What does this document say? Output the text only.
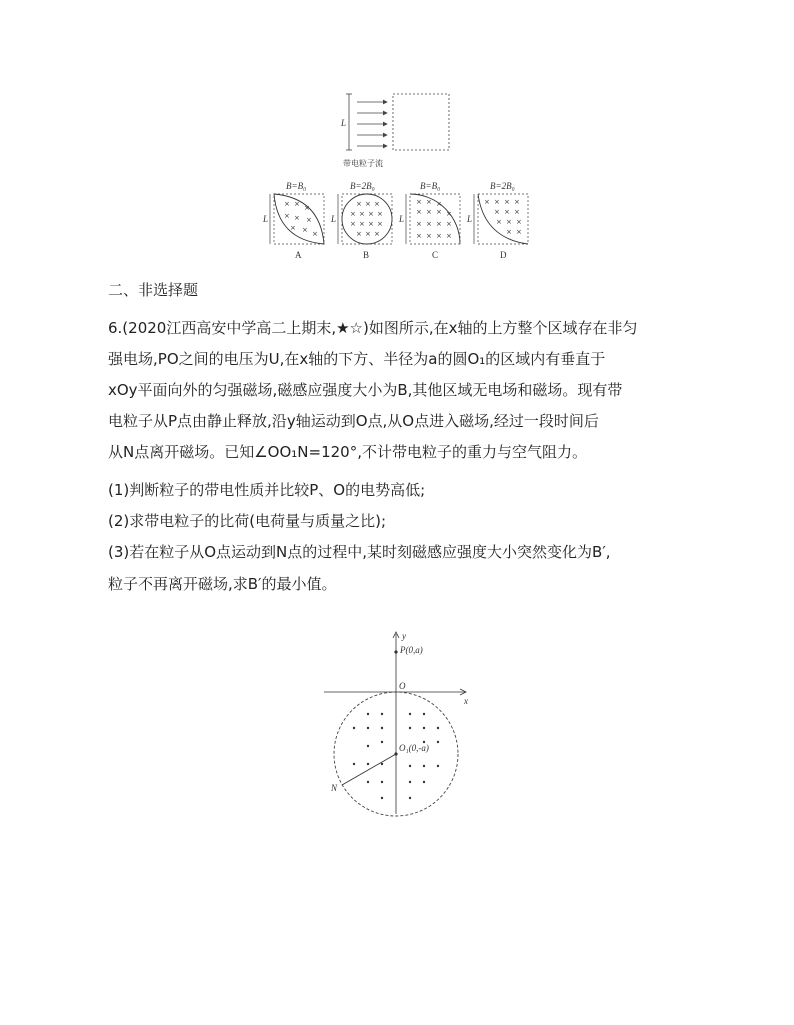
L
带电粒子流
B=B₀
L
× × ×
× × ×
× × ×
A
B=2B₀
L
× × ×
× × × ×
× × × ×
× × ×
B
B=B₀
L
× × ×
× × × ×
× × × ×
× × × ×
C
B=2B₀
L
× × × ×
× × ×
× × ×
× ×
D
二、非选择题
6.(2020江西高安中学高二上期末,★☆)如图所示,在x轴的上方整个区域存在非匀
强电场,PO之间的电压为U,在x轴的下方、半径为a的圆O₁的区域内有垂直于
xOy平面向外的匀强磁场,磁感应强度大小为B,其他区域无电场和磁场。现有带
电粒子从P点由静止释放,沿y轴运动到O点,从O点进入磁场,经过一段时间后
从N点离开磁场。已知∠OO₁N=120°,不计带电粒子的重力与空气阻力。
(1)判断粒子的带电性质并比较P、O的电势高低;
(2)求带电粒子的比荷(电荷量与质量之比);
(3)若在粒子从O点运动到N点的过程中,某时刻磁感应强度大小突然变化为B′,
粒子不再离开磁场,求B′的最小值。
y
x
P(0,a)
O
O₁(0,-a)
N
